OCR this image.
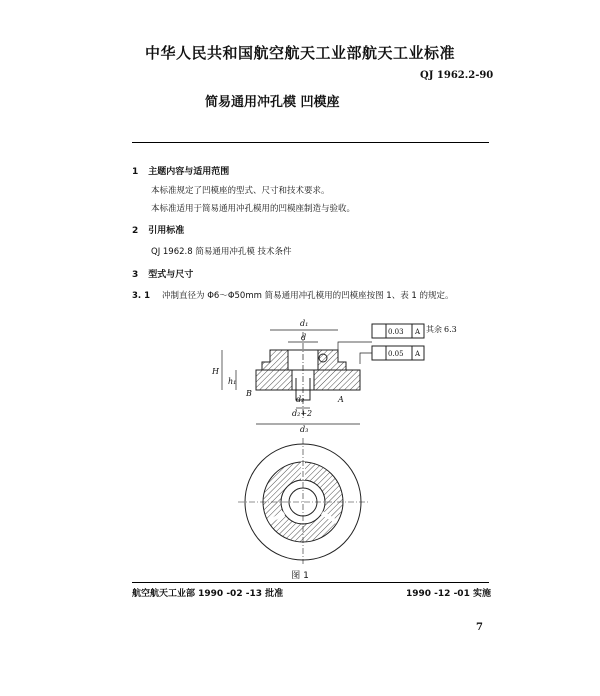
中华人民共和国航空航天工业部航天工业标准
QJ 1962.2-90
简易通用冲孔模 凹模座
1 主题内容与适用范围
本标准规定了凹模座的型式、尺寸和技术要求。
本标准适用于简易通用冲孔模用的凹模座制造与验收。
2 引用标准
QJ 1962.8 简易通用冲孔模 技术条件
3 型式与尺寸
3. 1 冲制直径为 Φ6～Φ50mm 简易通用冲孔模用的凹模座按图 1、表 1 的规定。
d₁
d
d₂
d₂+2
d₃
H
h₁
B
A
0.03
0.05
A
A
其余 6.3
图 1
航空航天工业部 1990 -02 -13 批准	1990 -12 -01 实施
7
